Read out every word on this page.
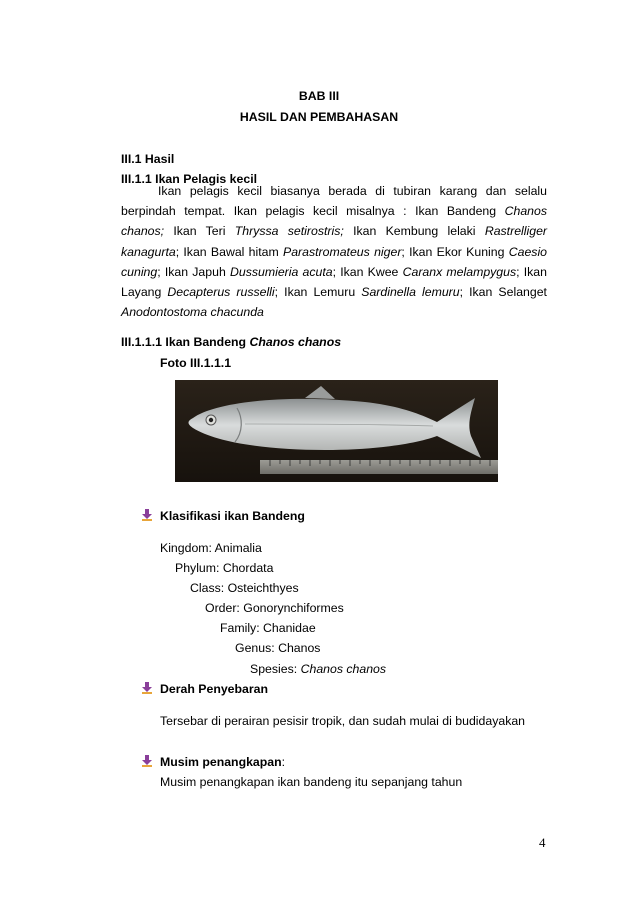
BAB III
HASIL DAN PEMBAHASAN
III.1 Hasil
III.1.1 Ikan Pelagis kecil
Ikan pelagis kecil biasanya berada di tubiran karang dan selalu berpindah tempat. Ikan pelagis kecil misalnya : Ikan Bandeng Chanos chanos; Ikan Teri Thryssa setirostris; Ikan Kembung lelaki Rastrelliger kanagurta; Ikan Bawal hitam Parastromateus niger; Ikan Ekor Kuning Caesio cuning; Ikan Japuh Dussumieria acuta; Ikan Kwee Caranx melampygus; Ikan Layang Decapterus russelli; Ikan Lemuru Sardinella lemuru; Ikan Selanget Anodontostoma chacunda
III.1.1.1 Ikan Bandeng Chanos chanos
Foto III.1.1.1
Klasifikasi ikan Bandeng
Kingdom: Animalia
Phylum: Chordata
Class: Osteichthyes
Order: Gonorynchiformes
Family: Chanidae
Genus: Chanos
Spesies: Chanos chanos
Derah Penyebaran
Tersebar di perairan pesisir tropik, dan sudah mulai di budidayakan
Musim penangkapan:
Musim penangkapan ikan bandeng itu sepanjang tahun
4
